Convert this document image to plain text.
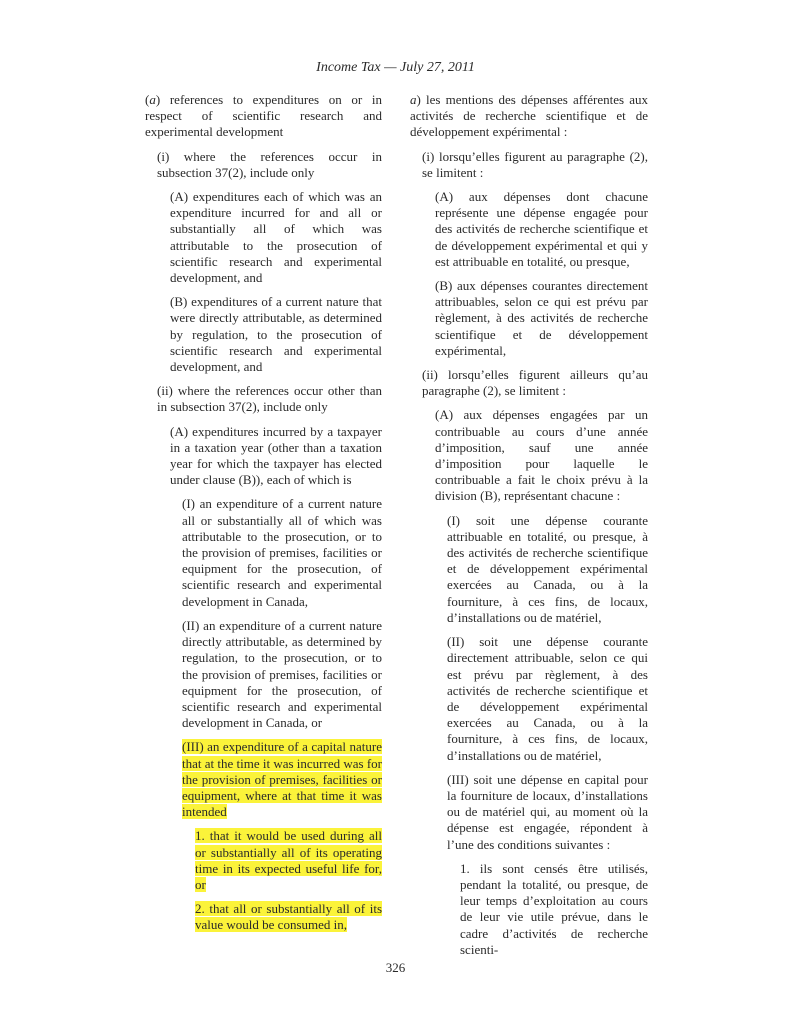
Income Tax — July 27, 2011

(a) references to expenditures on or in respect of scientific research and experimental development

(i) where the references occur in subsection 37(2), include only

(A) expenditures each of which was an expenditure incurred for and all or substantially all of which was attributable to the prosecution of scientific research and experimental development, and

(B) expenditures of a current nature that were directly attributable, as determined by regulation, to the prosecution of scientific research and experimental development, and

(ii) where the references occur other than in subsection 37(2), include only

(A) expenditures incurred by a taxpayer in a taxation year (other than a taxation year for which the taxpayer has elected under clause (B)), each of which is

(I) an expenditure of a current nature all or substantially all of which was attributable to the prosecution, or to the provision of premises, facilities or equipment for the prosecution, of scientific research and experimental development in Canada,

(II) an expenditure of a current nature directly attributable, as determined by regulation, to the prosecution, or to the provision of premises, facilities or equipment for the prosecution, of scientific research and experimental development in Canada, or

(III) an expenditure of a capital nature that at the time it was incurred was for the provision of premises, facilities or equipment, where at that time it was intended

1. that it would be used during all or substantially all of its operating time in its expected useful life for, or

2. that all or substantially all of its value would be consumed in,

a) les mentions des dépenses afférentes aux activités de recherche scientifique et de développement expérimental :

(i) lorsqu’elles figurent au paragraphe (2), se limitent :

(A) aux dépenses dont chacune représente une dépense engagée pour des activités de recherche scientifique et de développement expérimental et qui y est attribuable en totalité, ou presque,

(B) aux dépenses courantes directement attribuables, selon ce qui est prévu par règlement, à des activités de recherche scientifique et de développement expérimental,

(ii) lorsqu’elles figurent ailleurs qu’au paragraphe (2), se limitent :

(A) aux dépenses engagées par un contribuable au cours d’une année d’imposition, sauf une année d’imposition pour laquelle le contribuable a fait le choix prévu à la division (B), représentant chacune :

(I) soit une dépense courante attribuable en totalité, ou presque, à des activités de recherche scientifique et de développement expérimental exercées au Canada, ou à la fourniture, à ces fins, de locaux, d’installations ou de matériel,

(II) soit une dépense courante directement attribuable, selon ce qui est prévu par règlement, à des activités de recherche scientifique et de développement expérimental exercées au Canada, ou à la fourniture, à ces fins, de locaux, d’installations ou de matériel,

(III) soit une dépense en capital pour la fourniture de locaux, d’installations ou de matériel qui, au moment où la dépense est engagée, répondent à l’une des conditions suivantes :

1. ils sont censés être utilisés, pendant la totalité, ou presque, de leur temps d’exploitation au cours de leur vie utile prévue, dans le cadre d’activités de recherche scienti-

326
